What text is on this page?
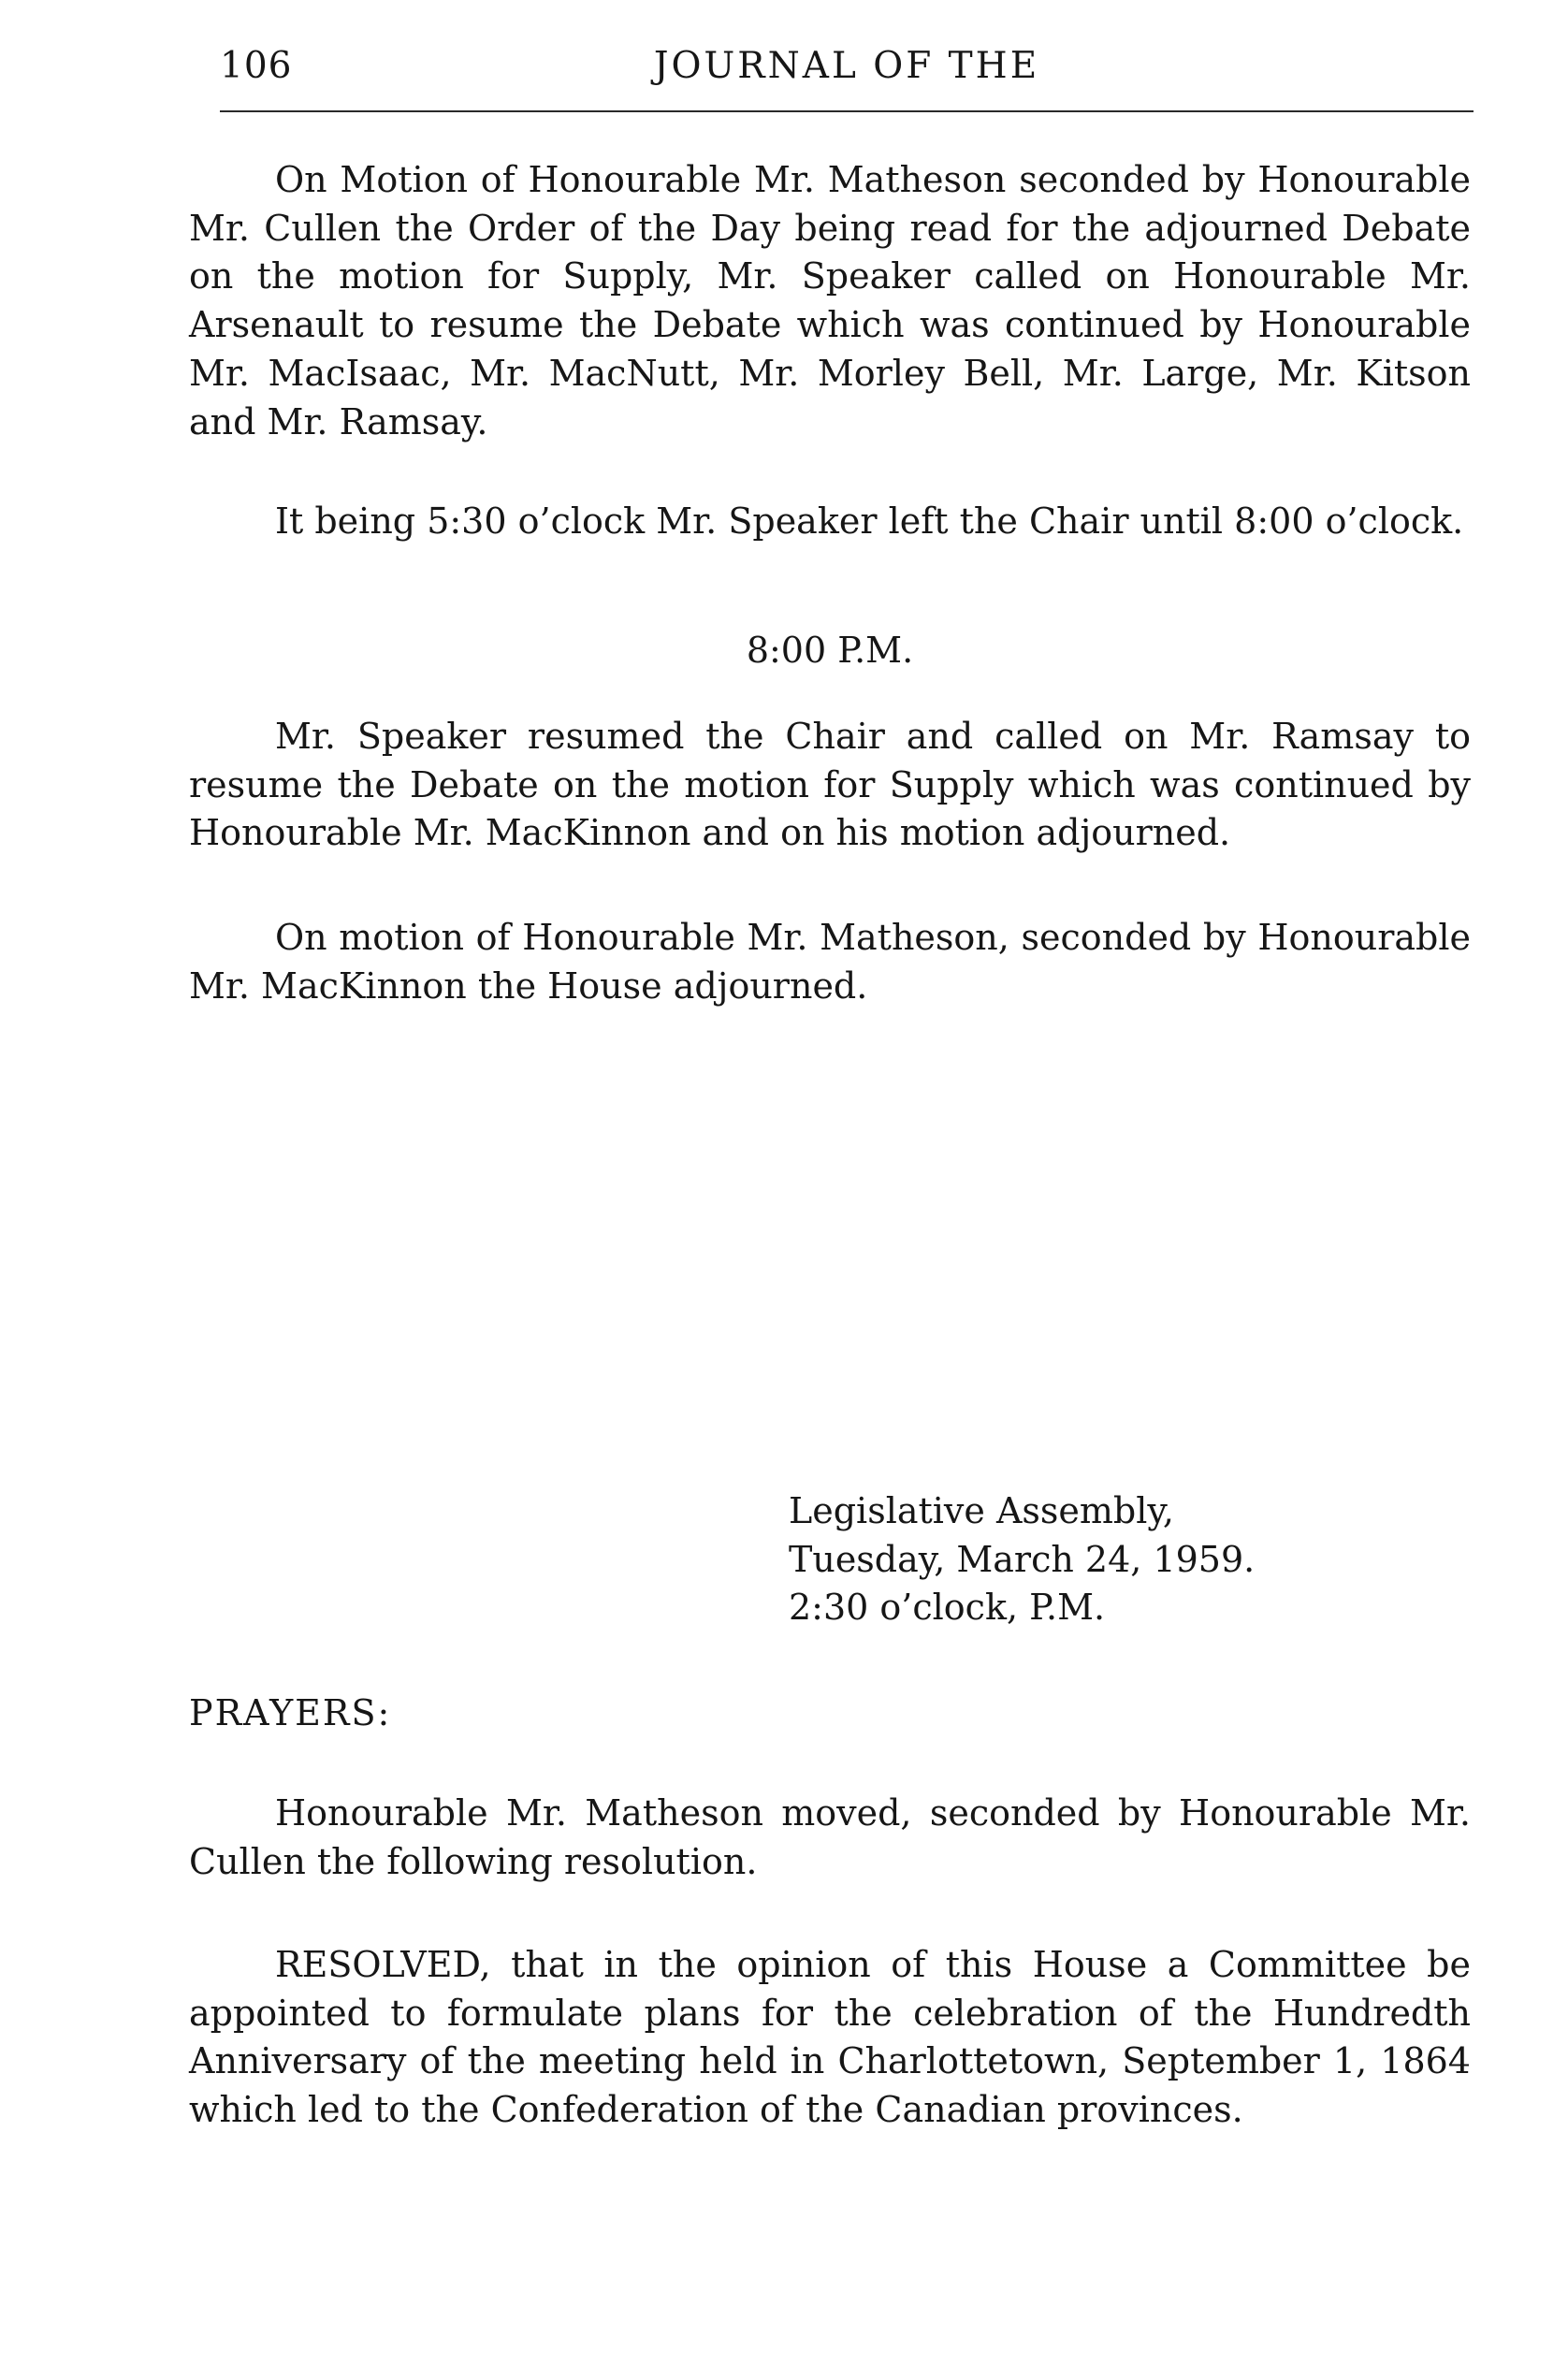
106	JOURNAL OF THE

On Motion of Honourable Mr. Matheson seconded by Honourable Mr. Cullen the Order of the Day being read for the adjourned Debate on the motion for Supply, Mr. Speaker called on Honourable Mr. Arsenault to resume the Debate which was continued by Honourable Mr. MacIsaac, Mr. MacNutt, Mr. Morley Bell, Mr. Large, Mr. Kitson and Mr. Ramsay.

It being 5:30 o’clock Mr. Speaker left the Chair until 8:00 o’clock.

8:00 P.M.

Mr. Speaker resumed the Chair and called on Mr. Ramsay to resume the Debate on the motion for Supply which was continued by Honourable Mr. MacKinnon and on his motion adjourned.

On motion of Honourable Mr. Matheson, seconded by Honourable Mr. MacKinnon the House adjourned.

Legislative Assembly,
Tuesday, March 24, 1959.
2:30 o’clock, P.M.

PRAYERS:

Honourable Mr. Matheson moved, seconded by Honourable Mr. Cullen the following resolution.

RESOLVED, that in the opinion of this House a Committee be appointed to formulate plans for the celebration of the Hundredth Anniversary of the meeting held in Charlottetown, September 1, 1864 which led to the Confederation of the Canadian provinces.
